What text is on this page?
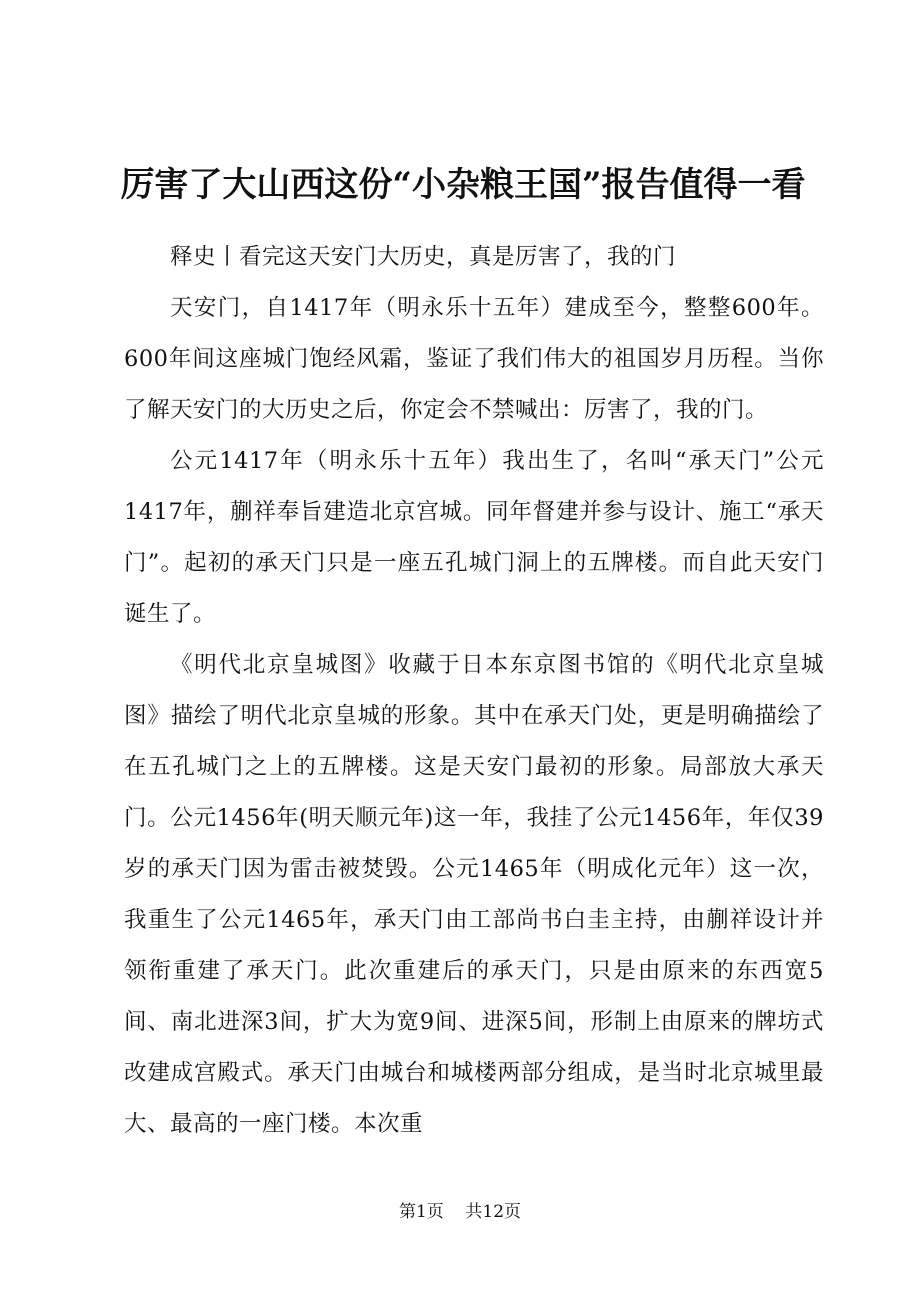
厉害了大山西这份“小杂粮王国”报告值得一看

释史丨看完这天安门大历史，真是厉害了，我的门

天安门，自1417年（明永乐十五年）建成至今，整整600年。600年间这座城门饱经风霜，鉴证了我们伟大的祖国岁月历程。当你了解天安门的大历史之后，你定会不禁喊出：厉害了，我的门。

公元1417年（明永乐十五年）我出生了，名叫“承天门”公元1417年，蒯祥奉旨建造北京宫城。同年督建并参与设计、施工“承天门”。起初的承天门只是一座五孔城门洞上的五牌楼。而自此天安门诞生了。

《明代北京皇城图》收藏于日本东京图书馆的《明代北京皇城图》描绘了明代北京皇城的形象。其中在承天门处，更是明确描绘了在五孔城门之上的五牌楼。这是天安门最初的形象。局部放大承天门。公元1456年(明天顺元年)这一年，我挂了公元1456年，年仅39岁的承天门因为雷击被焚毁。公元1465年（明成化元年）这一次，我重生了公元1465年，承天门由工部尚书白圭主持，由蒯祥设计并领衔重建了承天门。此次重建后的承天门，只是由原来的东西宽5间、南北进深3间，扩大为宽9间、进深5间，形制上由原来的牌坊式改建成宫殿式。承天门由城台和城楼两部分组成，是当时北京城里最大、最高的一座门楼。本次重

第1页 共12页
